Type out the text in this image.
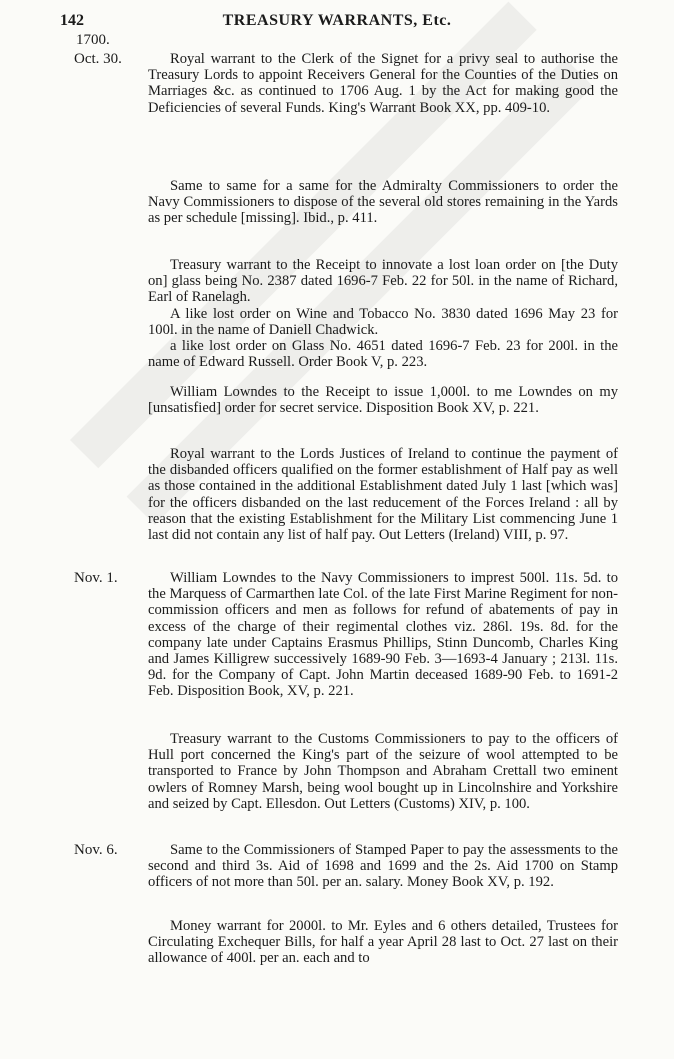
142	TREASURY WARRANTS, Etc.
1700.
Oct. 30.	Royal warrant to the Clerk of the Signet for a privy seal to authorise the Treasury Lords to appoint Receivers General for the Counties of the Duties on Marriages &c. as continued to 1706 Aug. 1 by the Act for making good the Deficiencies of several Funds. King's Warrant Book XX, pp. 409-10.

Same to same for a same for the Admiralty Commissioners to order the Navy Commissioners to dispose of the several old stores remaining in the Yards as per schedule [missing]. Ibid., p. 411.

Treasury warrant to the Receipt to innovate a lost loan order on [the Duty on] glass being No. 2387 dated 1696-7 Feb. 22 for 50l. in the name of Richard, Earl of Ranelagh.

A like lost order on Wine and Tobacco No. 3830 dated 1696 May 23 for 100l. in the name of Daniell Chadwick.

a like lost order on Glass No. 4651 dated 1696-7 Feb. 23 for 200l. in the name of Edward Russell. Order Book V, p. 223.

William Lowndes to the Receipt to issue 1,000l. to me Lowndes on my [unsatisfied] order for secret service. Disposition Book XV, p. 221.

Royal warrant to the Lords Justices of Ireland to continue the payment of the disbanded officers qualified on the former establishment of Half pay as well as those contained in the additional Establishment dated July 1 last [which was] for the officers disbanded on the last reducement of the Forces Ireland : all by reason that the existing Establishment for the Military List commencing June 1 last did not contain any list of half pay. Out Letters (Ireland) VIII, p. 97.

Nov. 1.	William Lowndes to the Navy Commissioners to imprest 500l. 11s. 5d. to the Marquess of Carmarthen late Col. of the late First Marine Regiment for non-commission officers and men as follows for refund of abatements of pay in excess of the charge of their regimental clothes viz. 286l. 19s. 8d. for the company late under Captains Erasmus Phillips, Stinn Duncomb, Charles King and James Killigrew successively 1689-90 Feb. 3—1693-4 January ; 213l. 11s. 9d. for the Company of Capt. John Martin deceased 1689-90 Feb. to 1691-2 Feb. Disposition Book, XV, p. 221.

Treasury warrant to the Customs Commissioners to pay to the officers of Hull port concerned the King's part of the seizure of wool attempted to be transported to France by John Thompson and Abraham Crettall two eminent owlers of Romney Marsh, being wool bought up in Lincolnshire and Yorkshire and seized by Capt. Ellesdon. Out Letters (Customs) XIV, p. 100.

Nov. 6.	Same to the Commissioners of Stamped Paper to pay the assessments to the second and third 3s. Aid of 1698 and 1699 and the 2s. Aid 1700 on Stamp officers of not more than 50l. per an. salary. Money Book XV, p. 192.

Money warrant for 2000l. to Mr. Eyles and 6 others detailed, Trustees for Circulating Exchequer Bills, for half a year April 28 last to Oct. 27 last on their allowance of 400l. per an. each and to
